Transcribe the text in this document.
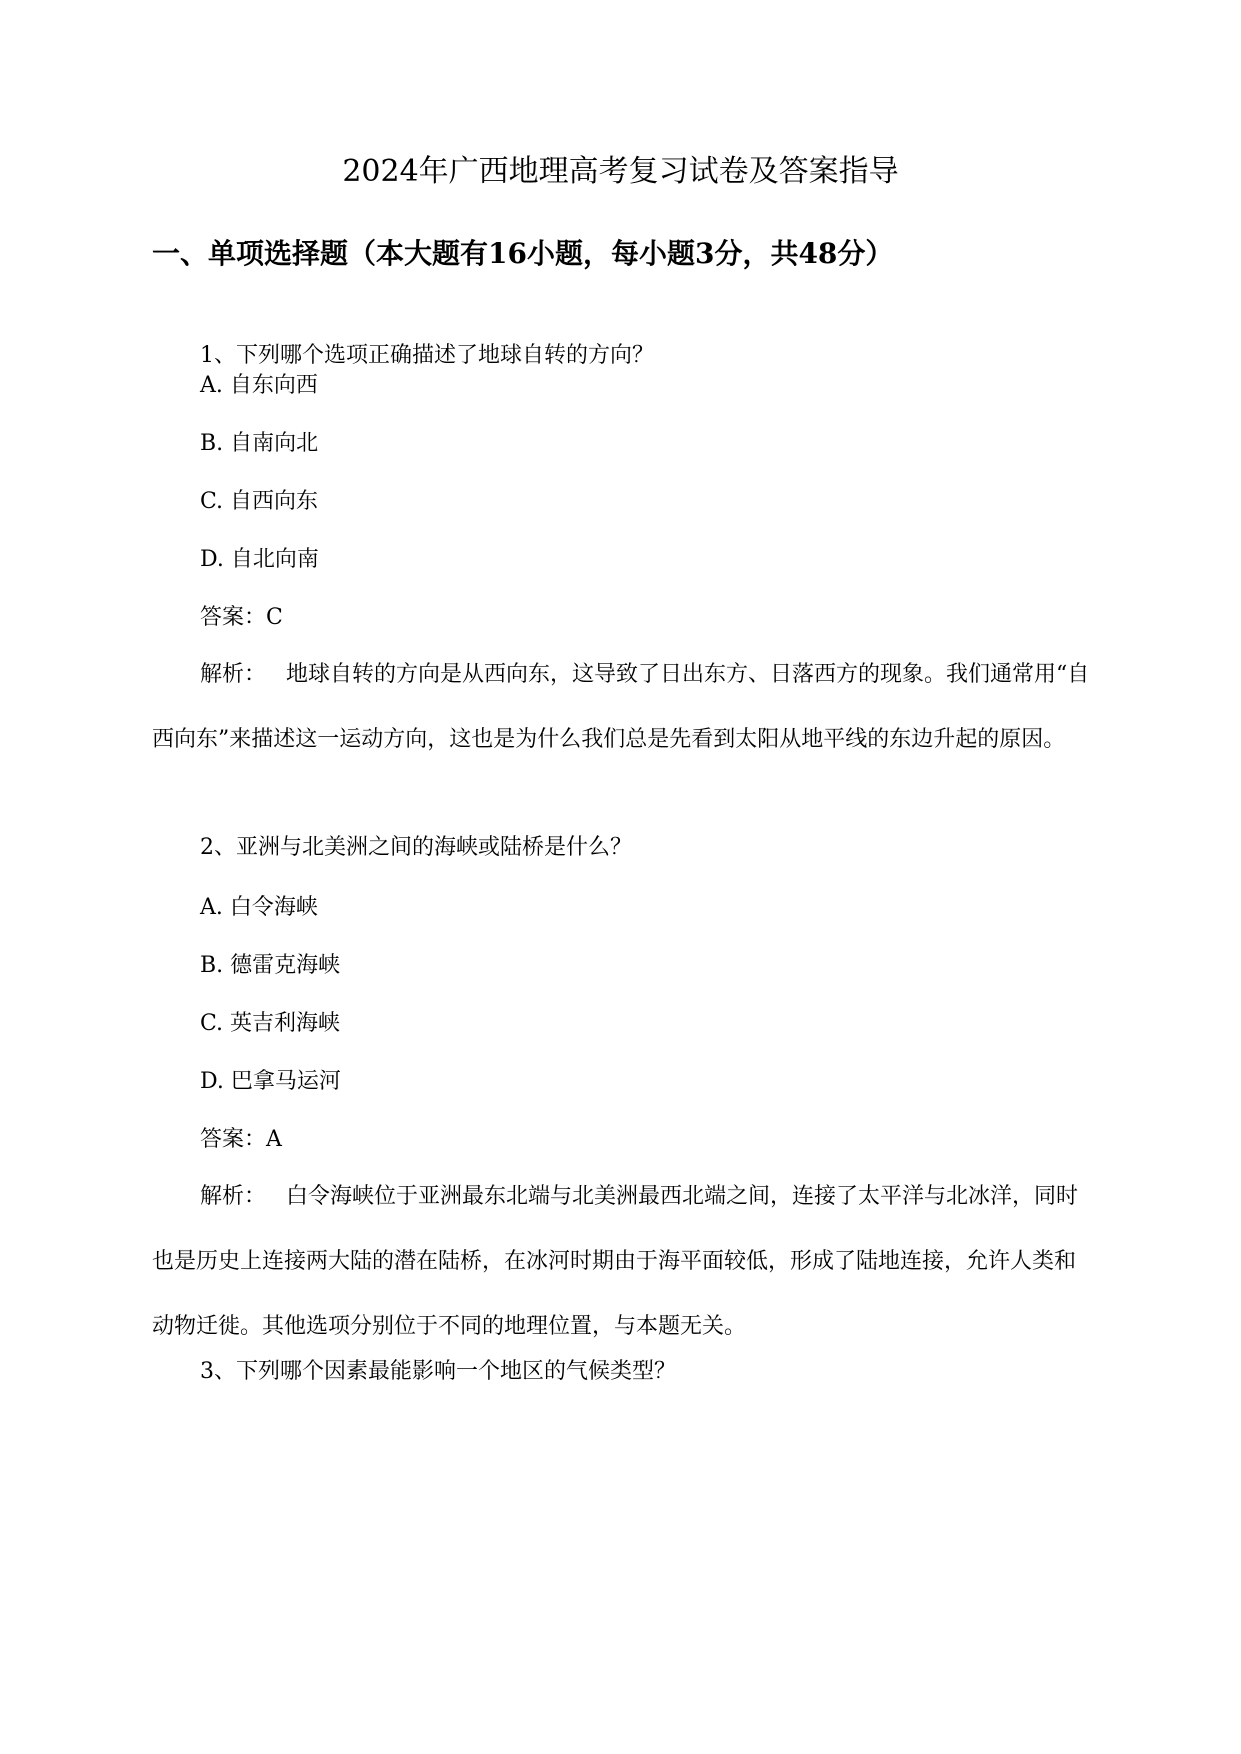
2024年广西地理高考复习试卷及答案指导
一、单项选择题（本大题有16小题，每小题3分，共48分）

1、下列哪个选项正确描述了地球自转的方向？

A. 自东向西

B. 自南向北

C. 自西向东

D. 自北向南

答案：C

解析： 地球自转的方向是从西向东，这导致了日出东方、日落西方的现象。我们通常用“自西向东”来描述这一运动方向，这也是为什么我们总是先看到太阳从地平线的东边升起的原因。

2、亚洲与北美洲之间的海峡或陆桥是什么？

A. 白令海峡

B. 德雷克海峡

C. 英吉利海峡

D. 巴拿马运河

答案：A

解析： 白令海峡位于亚洲最东北端与北美洲最西北端之间，连接了太平洋与北冰洋，同时也是历史上连接两大陆的潜在陆桥，在冰河时期由于海平面较低，形成了陆地连接，允许人类和动物迁徙。其他选项分别位于不同的地理位置，与本题无关。

3、下列哪个因素最能影响一个地区的气候类型？
